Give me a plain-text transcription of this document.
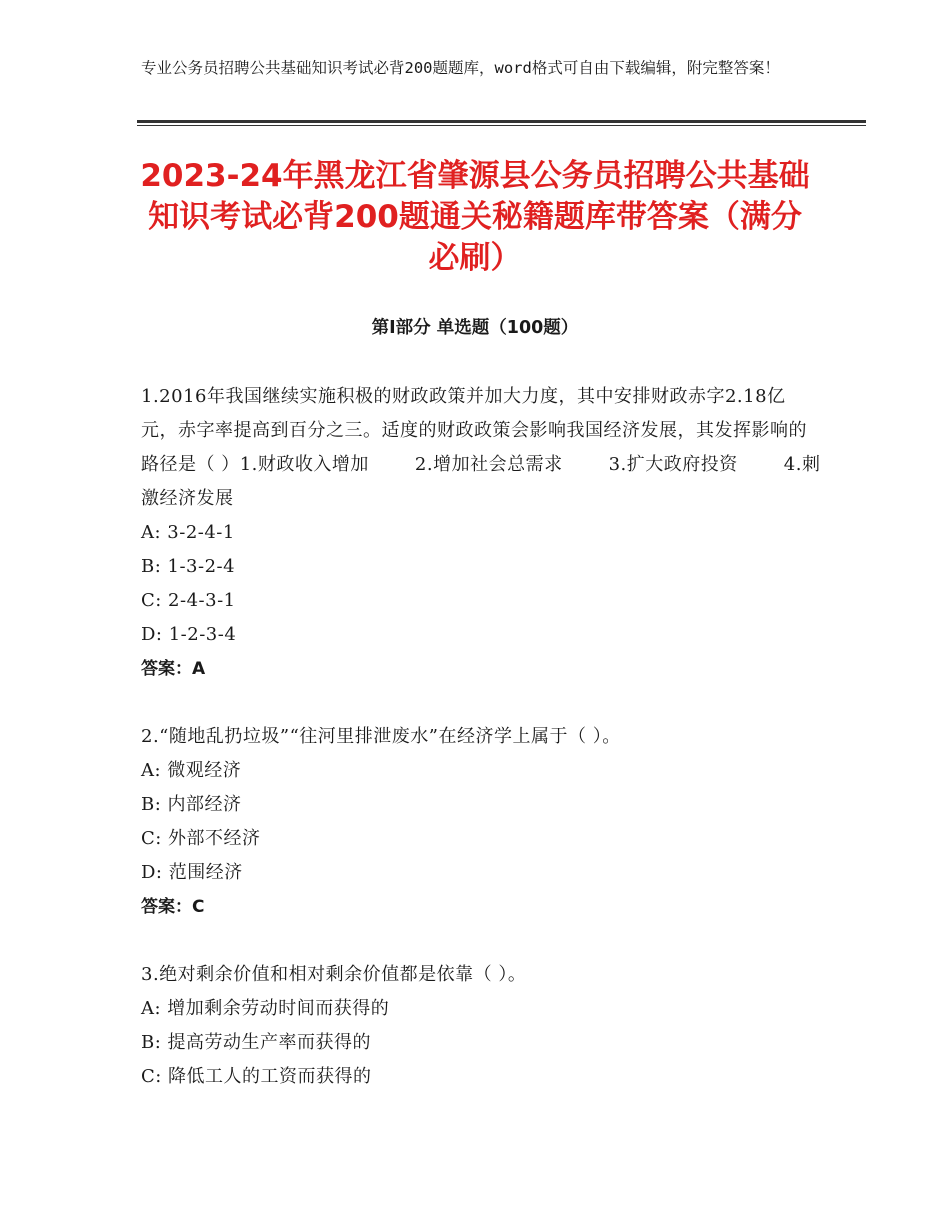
专业公务员招聘公共基础知识考试必背200题题库，word格式可自由下载编辑，附完整答案！
2023-24年黑龙江省肇源县公务员招聘公共基础知识考试必背200题通关秘籍题库带答案（满分必刷）
第Ⅰ部分 单选题（100题）
1.2016年我国继续实施积极的财政政策并加大力度，其中安排财政赤字2.18亿元，赤字率提高到百分之三。适度的财政政策会影响我国经济发展，其发挥影响的路径是（ ）1.财政收入增加	2.增加社会总需求	3.扩大政府投资	4.刺激经济发展
A: 3-2-4-1
B: 1-3-2-4
C: 2-4-3-1
D: 1-2-3-4
答案：A
2.“随地乱扔垃圾”“往河里排泄废水”在经济学上属于（ ）。
A: 微观经济
B: 内部经济
C: 外部不经济
D: 范围经济
答案：C
3.绝对剩余价值和相对剩余价值都是依靠（ ）。
A: 增加剩余劳动时间而获得的
B: 提高劳动生产率而获得的
C: 降低工人的工资而获得的
